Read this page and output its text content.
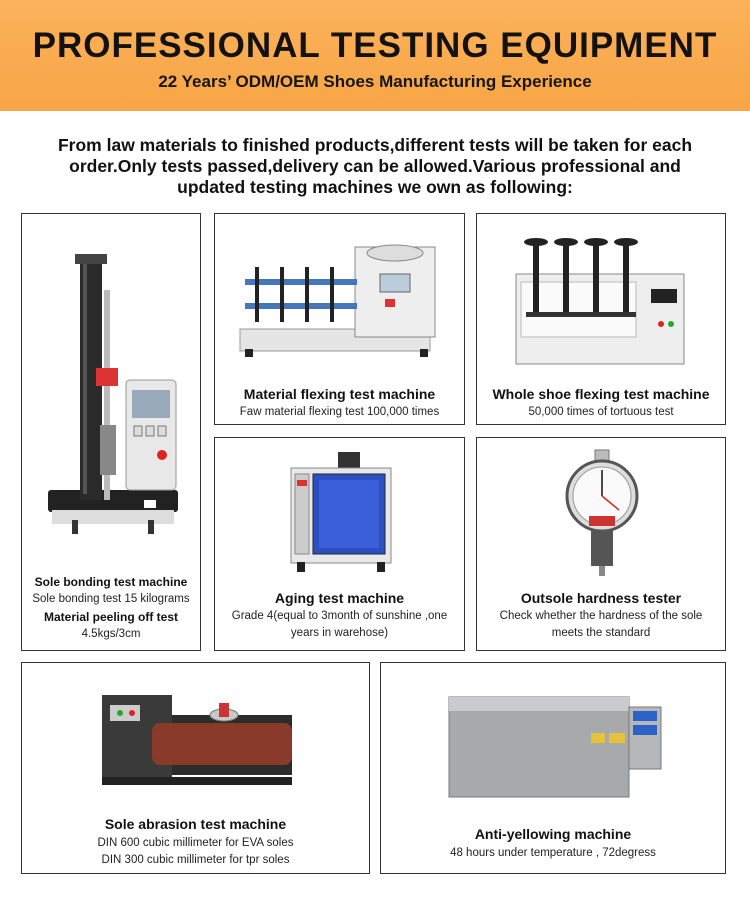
PROFESSIONAL TESTING EQUIPMENT
22 Years’ ODM/OEM Shoes Manufacturing Experience
From law materials to finished products,different tests will be taken for each order.Only tests passed,delivery can be allowed.Various professional and updated testing machines we own as following:
Sole bonding test machine
Sole bonding test 15 kilograms
Material peeling off test
4.5kgs/3cm
Material flexing test machine
Faw material flexing test 100,000 times
Whole shoe flexing test machine
50,000 times of tortuous test
Aging test machine
Grade 4(equal to 3month of sunshine ,one years in warehose)
Outsole hardness tester
Check whether the hardness of the sole meets the standard
Sole abrasion test machine
DIN 600 cubic millimeter for EVA soles
DIN 300 cubic millimeter for tpr soles
Anti-yellowing machine
48 hours under temperature , 72degress
